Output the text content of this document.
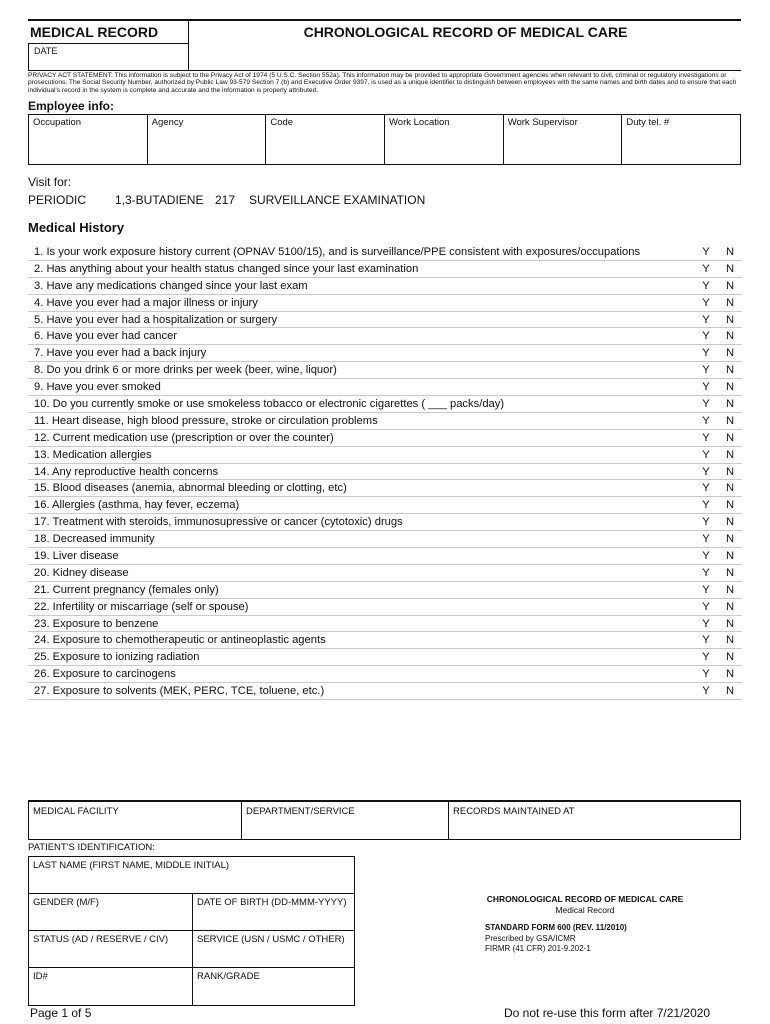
MEDICAL RECORD	CHRONOLOGICAL RECORD OF MEDICAL CARE
DATE
PRIVACY ACT STATEMENT: This information is subject to the Privacy Act of 1974 (5 U.S.C. Section 552a). This information may be provided to appropriate Government agencies when relevant to civil, criminal or regulatory investigations or prosecutions. The Social Security Number, authorized by Public Law 93-579 Section 7 (b) and Executive Order 9397, is used as a unique identifier to distinguish between employees with the same names and birth dates and to ensure that each individual's record in the system is complete and accurate and the information is properly attributed.
Employee info:
Occupation	Agency	Code	Work Location	Work Supervisor	Duty tel. #
Visit for:
PERIODIC 1,3-BUTADIENE 217 SURVEILLANCE EXAMINATION
Medical History
1. Is your work exposure history current (OPNAV 5100/15), and is surveillance/PPE consistent with exposures/occupations	Y	N
2. Has anything about your health status changed since your last examination	Y	N
3. Have any medications changed since your last exam	Y	N
4. Have you ever had a major illness or injury	Y	N
5. Have you ever had a hospitalization or surgery	Y	N
6. Have you ever had cancer	Y	N
7. Have you ever had a back injury	Y	N
8. Do you drink 6 or more drinks per week (beer, wine, liquor)	Y	N
9. Have you ever smoked	Y	N
10. Do you currently smoke or use smokeless tobacco or electronic cigarettes ( ___ packs/day)	Y	N
11. Heart disease, high blood pressure, stroke or circulation problems	Y	N
12. Current medication use (prescription or over the counter)	Y	N
13. Medication allergies	Y	N
14. Any reproductive health concerns	Y	N
15. Blood diseases (anemia, abnormal bleeding or clotting, etc)	Y	N
16. Allergies (asthma, hay fever, eczema)	Y	N
17. Treatment with steroids, immunosupressive or cancer (cytotoxic) drugs	Y	N
18. Decreased immunity	Y	N
19. Liver disease	Y	N
20. Kidney disease	Y	N
21. Current pregnancy (females only)	Y	N
22. Infertility or miscarriage (self or spouse)	Y	N
23. Exposure to benzene	Y	N
24. Exposure to chemotherapeutic or antineoplastic agents	Y	N
25. Exposure to ionizing radiation	Y	N
26. Exposure to carcinogens	Y	N
27. Exposure to solvents (MEK, PERC, TCE, toluene, etc.)	Y	N
MEDICAL FACILITY	DEPARTMENT/SERVICE	RECORDS MAINTAINED AT
PATIENT'S IDENTIFICATION:
LAST NAME (FIRST NAME, MIDDLE INITIAL)
GENDER (M/F)	DATE OF BIRTH (DD-MMM-YYYY)
STATUS (AD / RESERVE / CIV)	SERVICE (USN / USMC / OTHER)
ID#	RANK/GRADE
CHRONOLOGICAL RECORD OF MEDICAL CARE
Medical Record
STANDARD FORM 600 (REV. 11/2010)
Prescribed by GSA/ICMR
FIRMR (41 CFR) 201-9.202-1
Page 1 of 5	Do not re-use this form after 7/21/2020
